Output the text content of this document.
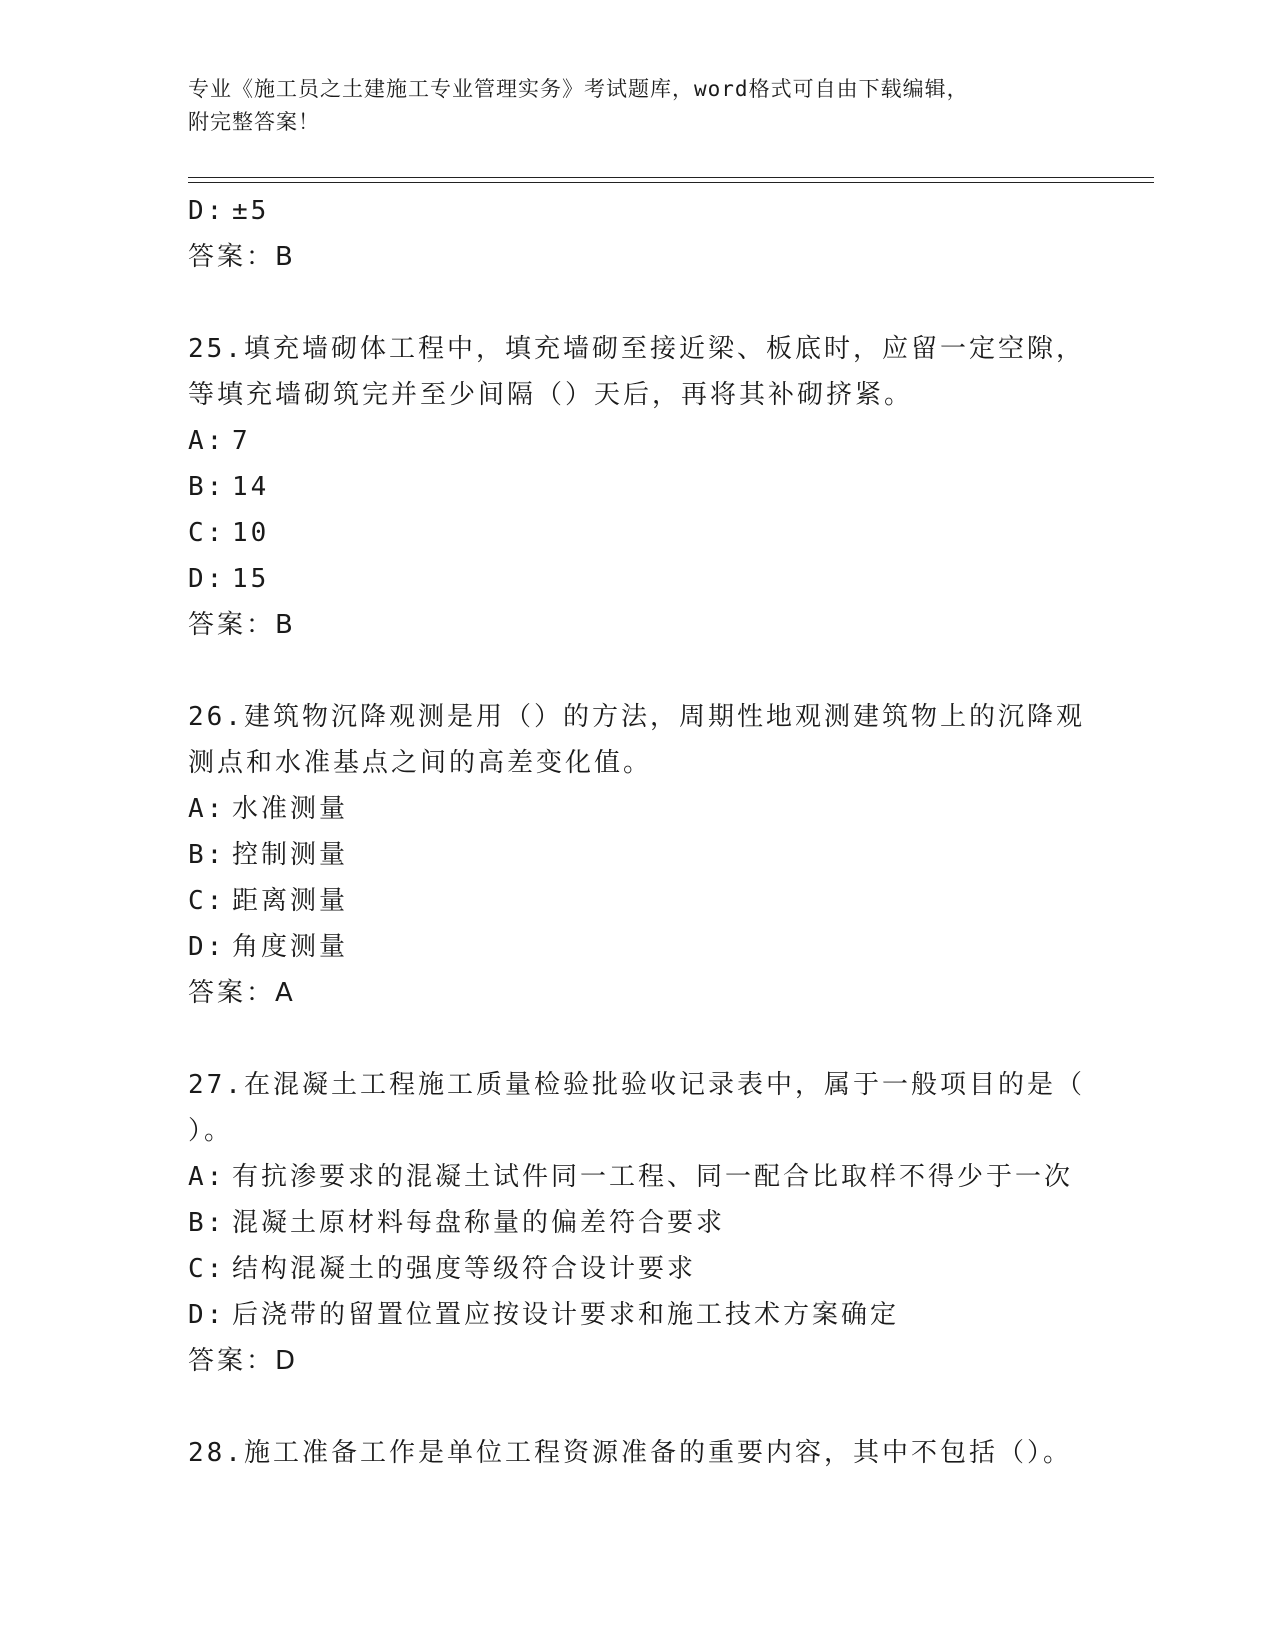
专业《施工员之土建施工专业管理实务》考试题库，word格式可自由下载编辑，
附完整答案！
D: ±5
答案：B
25.填充墙砌体工程中，填充墙砌至接近梁、板底时，应留一定空隙，
等填充墙砌筑完并至少间隔（）天后，再将其补砌挤紧。
A: 7
B: 14
C: 10
D: 15
答案：B
26.建筑物沉降观测是用（）的方法，周期性地观测建筑物上的沉降观
测点和水准基点之间的高差变化值。
A: 水准测量
B: 控制测量
C: 距离测量
D: 角度测量
答案：A
27.在混凝土工程施工质量检验批验收记录表中，属于一般项目的是（
）。
A: 有抗渗要求的混凝土试件同一工程、同一配合比取样不得少于一次
B: 混凝土原材料每盘称量的偏差符合要求
C: 结构混凝土的强度等级符合设计要求
D: 后浇带的留置位置应按设计要求和施工技术方案确定
答案：D
28.施工准备工作是单位工程资源准备的重要内容，其中不包括（）。
